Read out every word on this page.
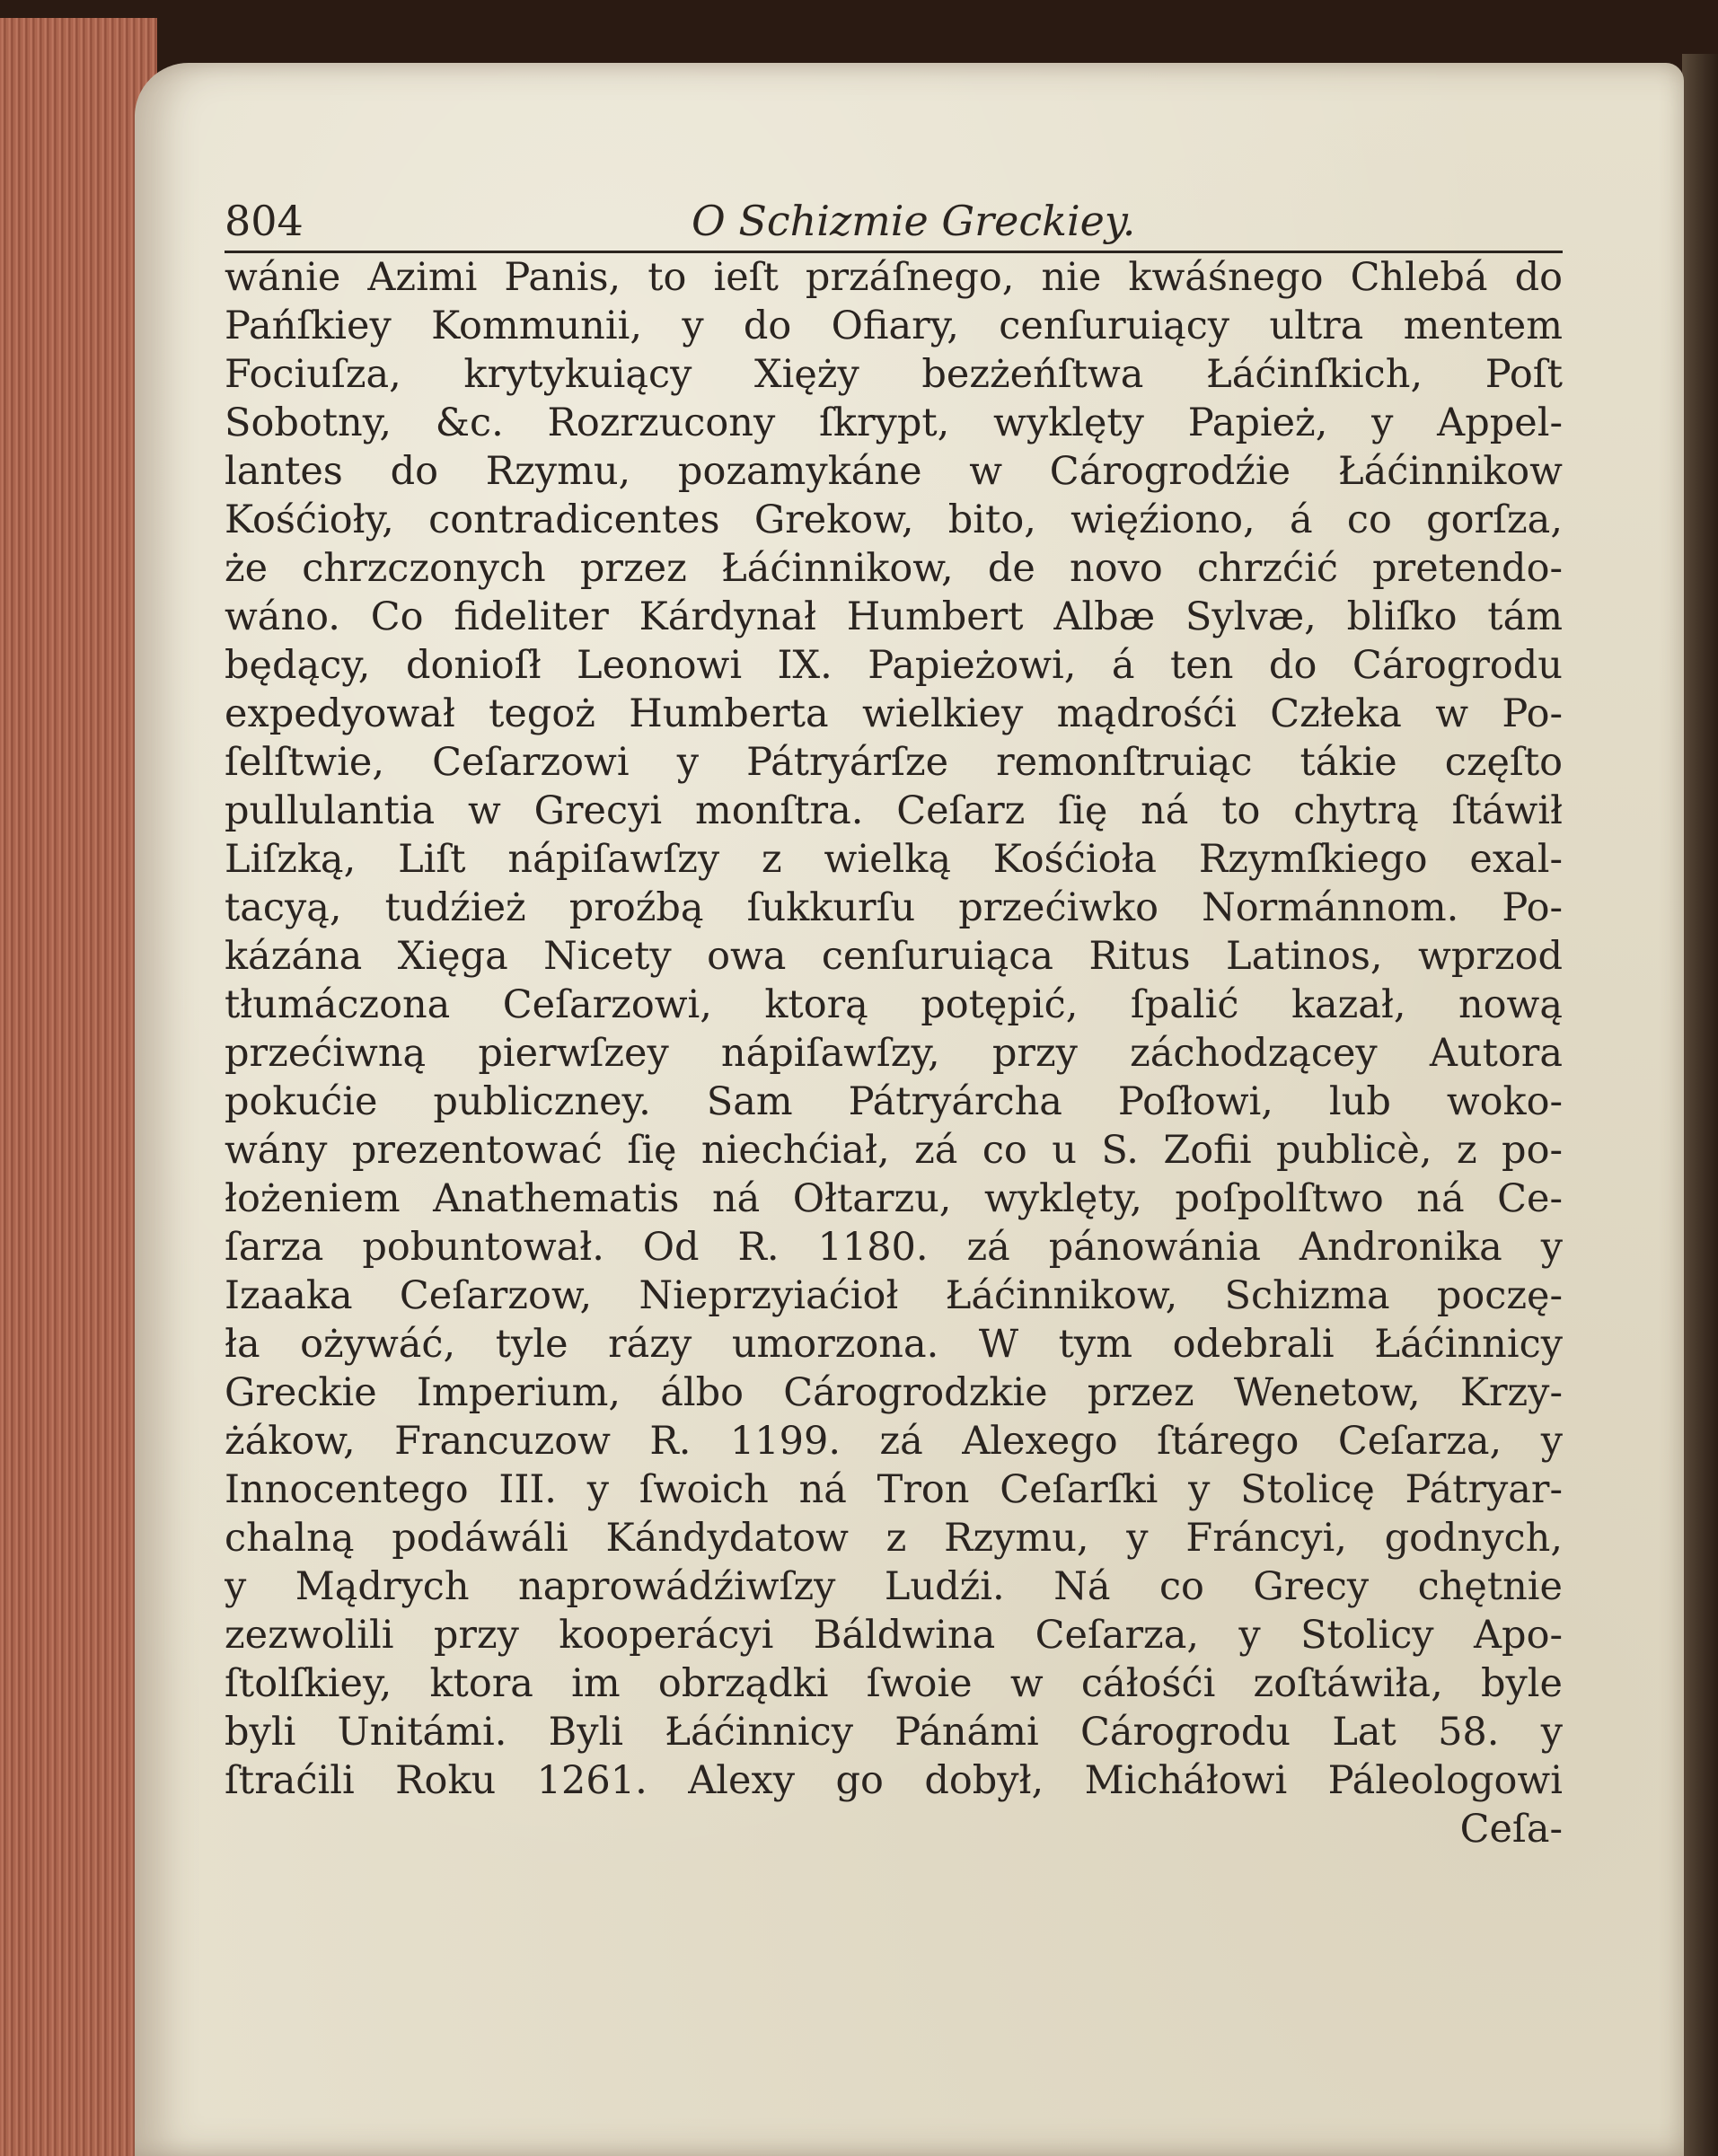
804	O Schizmie Greckiey.
wánie Azimi Panis, to ieſt przáſnego, nie kwáśnego Chlebá do
Pańſkiey Kommunii, y do Ofiary, cenſuruiący ultra mentem
Fociuſza, krytykuiący Xięży bezżeńſtwa Łáćinſkich, Poſt
Sobotny, &c. Rozrzucony ſkrypt, wyklęty Papież, y Appel-
lantes do Rzymu, pozamykáne w Cárogrodźie Łáćinnikow
Kośćioły, contradicentes Grekow, bito, więźiono, á co gorſza,
że chrzczonych przez Łáćinnikow, de novo chrzćić pretendo-
wáno. Co fideliter Kárdynał Humbert Albæ Sylvæ, bliſko tám
będący, donioſł Leonowi IX. Papieżowi, á ten do Cárogrodu
expedyował tegoż Humberta wielkiey mądrośći Człeka w Po-
ſelſtwie, Ceſarzowi y Pátryárſze remonſtruiąc tákie częſto
pullulantia w Grecyi monſtra. Ceſarz ſię ná to chytrą ſtáwił
Liſzką, Liſt nápiſawſzy z wielką Kośćioła Rzymſkiego exal-
tacyą, tudźież proźbą ſukkurſu przećiwko Normánnom. Po-
kázána Xięga Nicety owa cenſuruiąca Ritus Latinos, wprzod
tłumáczona Ceſarzowi, ktorą potępić, ſpalić kazał, nową
przećiwną pierwſzey nápiſawſzy, przy záchodzącey Autora
pokućie publiczney. Sam Pátryárcha Poſłowi, lub woko-
wány prezentować ſię niechćiał, zá co u S. Zofii publicè, z po-
łożeniem Anathematis ná Ołtarzu, wyklęty, poſpolſtwo ná Ce-
ſarza pobuntował. Od R. 1180. zá pánowánia Andronika y
Izaaka Ceſarzow, Nieprzyiaćioł Łáćinnikow, Schizma poczę-
ła ożywáć, tyle rázy umorzona. W tym odebrali Łáćinnicy
Greckie Imperium, álbo Cárogrodzkie przez Wenetow, Krzy-
żákow, Francuzow R. 1199. zá Alexego ſtárego Ceſarza, y
Innocentego III. y ſwoich ná Tron Ceſarſki y Stolicę Pátryar-
chalną podáwáli Kándydatow z Rzymu, y Fráncyi, godnych,
y Mądrych naprowádźiwſzy Ludźi. Ná co Grecy chętnie
zezwolili przy kooperácyi Báldwina Ceſarza, y Stolicy Apo-
ſtolſkiey, ktora im obrządki ſwoie w cáłośći zoſtáwiła, byle
byli Unitámi. Byli Łáćinnicy Pánámi Cárogrodu Lat 58. y
ſtraćili Roku 1261. Alexy go dobył, Micháłowi Páleologowi
Ceſa-
